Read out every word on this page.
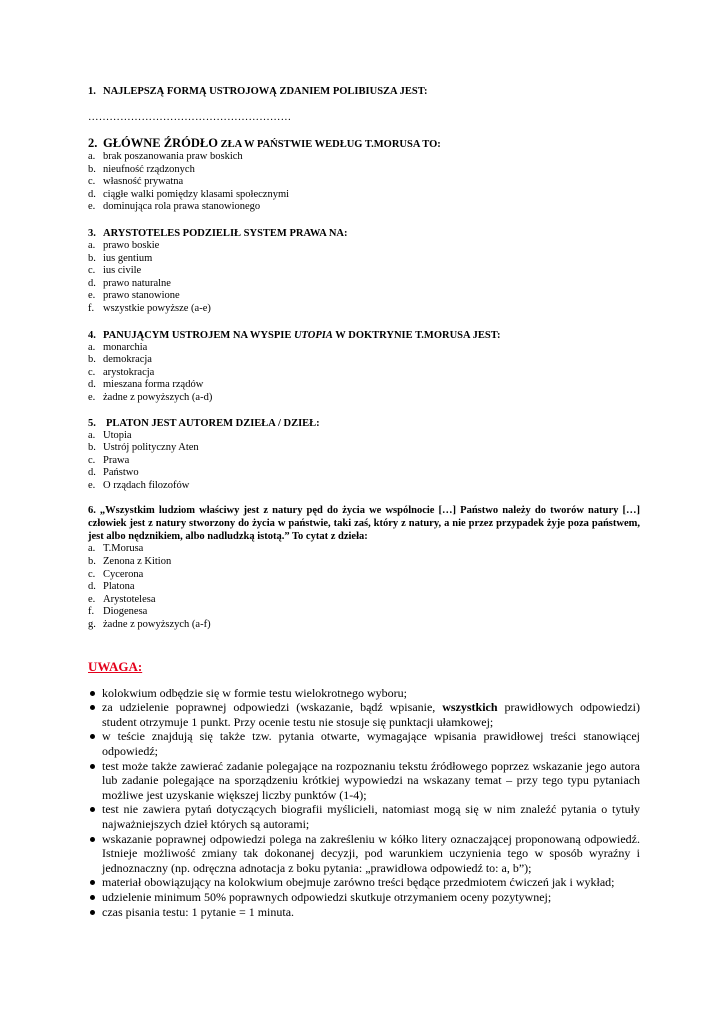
1. NAJLEPSZĄ FORMĄ USTROJOWĄ ZDANIEM POLIBIUSZA JEST:
…………………………………………………
2. GŁÓWNE ŹRÓDŁO ZŁA W PAŃSTWIE WEDŁUG T.MORUSA TO:
a. brak poszanowania praw boskich
b. nieufność rządzonych
c. własność prywatna
d. ciągłe walki pomiędzy klasami społecznymi
e. dominująca rola prawa stanowionego
3. ARYSTOTELES PODZIELIŁ SYSTEM PRAWA NA:
a. prawo boskie
b. ius gentium
c. ius civile
d. prawo naturalne
e. prawo stanowione
f. wszystkie powyższe (a-e)
4. PANUJĄCYM USTROJEM NA WYSPIE UTOPIA W DOKTRYNIE T.MORUSA JEST:
a. monarchia
b. demokracja
c. arystokracja
d. mieszana forma rządów
e. żadne z powyższych (a-d)
5. PLATON JEST AUTOREM DZIEŁA / DZIEŁ:
a. Utopia
b. Ustrój polityczny Aten
c. Prawa
d. Państwo
e. O rządach filozofów
6. „Wszystkim ludziom właściwy jest z natury pęd do życia we wspólnocie […] Państwo należy do tworów natury […] człowiek jest z natury stworzony do życia w państwie, taki zaś, który z natury, a nie przez przypadek żyje poza państwem, jest albo nędznikiem, albo nadludzką istotą.” To cytat z dzieła:
a. T.Morusa
b. Zenona z Kition
c. Cycerona
d. Platona
e. Arystotelesa
f. Diogenesa
g. żadne z powyższych (a-f)
UWAGA:
kolokwium odbędzie się w formie testu wielokrotnego wyboru;
za udzielenie poprawnej odpowiedzi (wskazanie, bądź wpisanie, wszystkich prawidłowych odpowiedzi) student otrzymuje 1 punkt. Przy ocenie testu nie stosuje się punktacji ułamkowej;
w teście znajdują się także tzw. pytania otwarte, wymagające wpisania prawidłowej treści stanowiącej odpowiedź;
test może także zawierać zadanie polegające na rozpoznaniu tekstu źródłowego poprzez wskazanie jego autora lub zadanie polegające na sporządzeniu krótkiej wypowiedzi na wskazany temat – przy tego typu pytaniach możliwe jest uzyskanie większej liczby punktów (1-4);
test nie zawiera pytań dotyczących biografii myślicieli, natomiast mogą się w nim znaleźć pytania o tytuły najważniejszych dzieł których są autorami;
wskazanie poprawnej odpowiedzi polega na zakreśleniu w kółko litery oznaczającej proponowaną odpowiedź. Istnieje możliwość zmiany tak dokonanej decyzji, pod warunkiem uczynienia tego w sposób wyraźny i jednoznaczny (np. odręczna adnotacja z boku pytania: „prawidłowa odpowiedź to: a, b”);
materiał obowiązujący na kolokwium obejmuje zarówno treści będące przedmiotem ćwiczeń jak i wykład;
udzielenie minimum 50% poprawnych odpowiedzi skutkuje otrzymaniem oceny pozytywnej;
czas pisania testu: 1 pytanie = 1 minuta.
